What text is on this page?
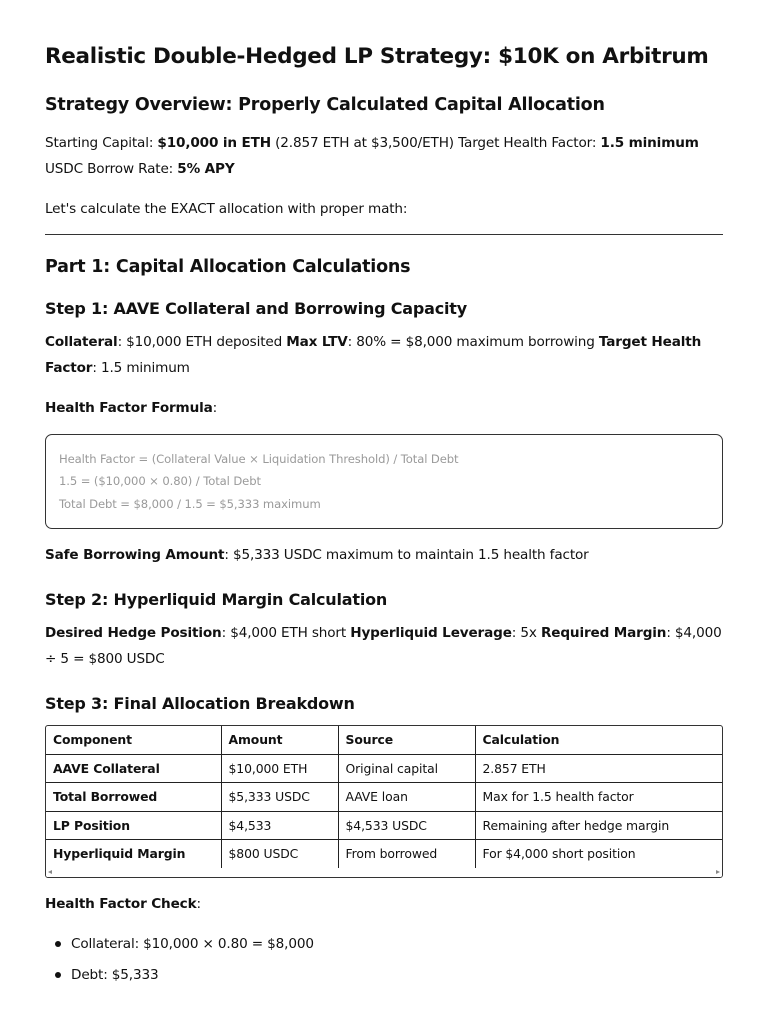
Realistic Double-Hedged LP Strategy: $10K on Arbitrum
Strategy Overview: Properly Calculated Capital Allocation

Starting Capital: $10,000 in ETH (2.857 ETH at $3,500/ETH) Target Health Factor: 1.5 minimum USDC Borrow Rate: 5% APY

Let's calculate the EXACT allocation with proper math:

Part 1: Capital Allocation Calculations
Step 1: AAVE Collateral and Borrowing Capacity

Collateral: $10,000 ETH deposited Max LTV: 80% = $8,000 maximum borrowing Target Health Factor: 1.5 minimum

Health Factor Formula:

Health Factor = (Collateral Value × Liquidation Threshold) / Total Debt
1.5 = ($10,000 × 0.80) / Total Debt
Total Debt = $8,000 / 1.5 = $5,333 maximum

Safe Borrowing Amount: $5,333 USDC maximum to maintain 1.5 health factor

Step 2: Hyperliquid Margin Calculation

Desired Hedge Position: $4,000 ETH short Hyperliquid Leverage: 5x Required Margin: $4,000 ÷ 5 = $800 USDC

Step 3: Final Allocation Breakdown
Component	Amount	Source	Calculation
AAVE Collateral	$10,000 ETH	Original capital	2.857 ETH
Total Borrowed	$5,333 USDC	AAVE loan	Max for 1.5 health factor
LP Position	$4,533	$4,533 USDC	Remaining after hedge margin
Hyperliquid Margin	$800 USDC	From borrowed	For $4,000 short position

Health Factor Check:

Collateral: $10,000 × 0.80 = $8,000
Debt: $5,333
